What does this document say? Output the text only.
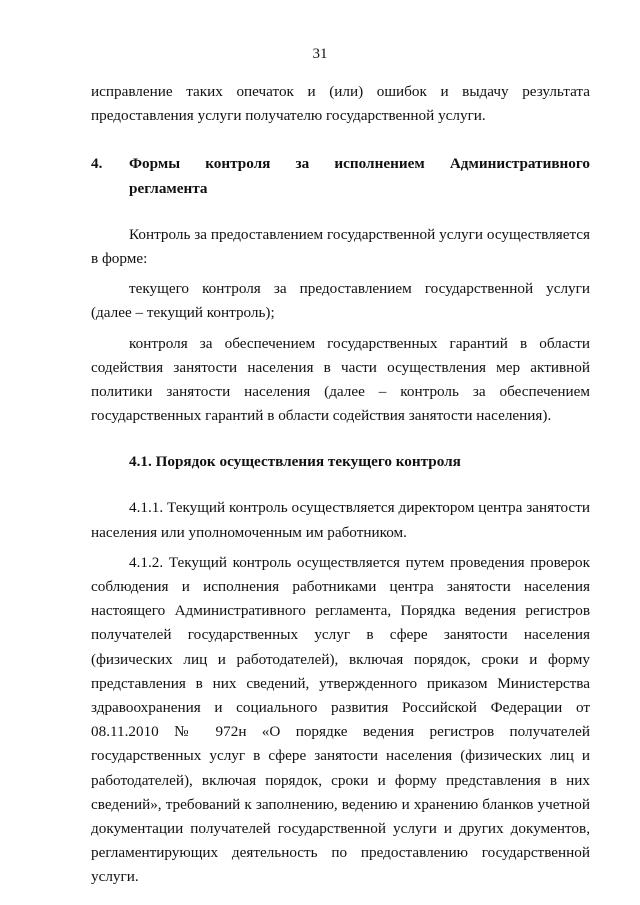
31
исправление таких опечаток и (или) ошибок и выдачу результата
предоставления услуги получателю государственной услуги.
4.	Формы контроля за исполнением Административного
регламента
Контроль за предоставлением государственной услуги осуществляется
в форме:
текущего контроля за предоставлением государственной услуги
(далее – текущий контроль);
контроля за обеспечением государственных гарантий в области
содействия занятости населения в части осуществления мер активной
политики занятости населения (далее – контроль за обеспечением
государственных гарантий в области содействия занятости населения).
4.1. Порядок осуществления текущего контроля
4.1.1. Текущий контроль осуществляется директором центра занятости
населения или уполномоченным им работником.
4.1.2. Текущий контроль осуществляется путем проведения проверок
соблюдения и исполнения работниками центра занятости населения
настоящего Административного регламента, Порядка ведения регистров
получателей государственных услуг в сфере занятости населения
(физических лиц и работодателей), включая порядок, сроки и форму
представления в них сведений, утвержденного приказом Министерства
здравоохранения и социального развития Российской Федерации от
08.11.2010 № 972н «О порядке ведения регистров получателей
государственных услуг в сфере занятости населения (физических лиц и
работодателей), включая порядок, сроки и форму представления в них
сведений», требований к заполнению, ведению и хранению бланков учетной
документации получателей государственной услуги и других документов,
регламентирующих деятельность по предоставлению государственной
услуги.
